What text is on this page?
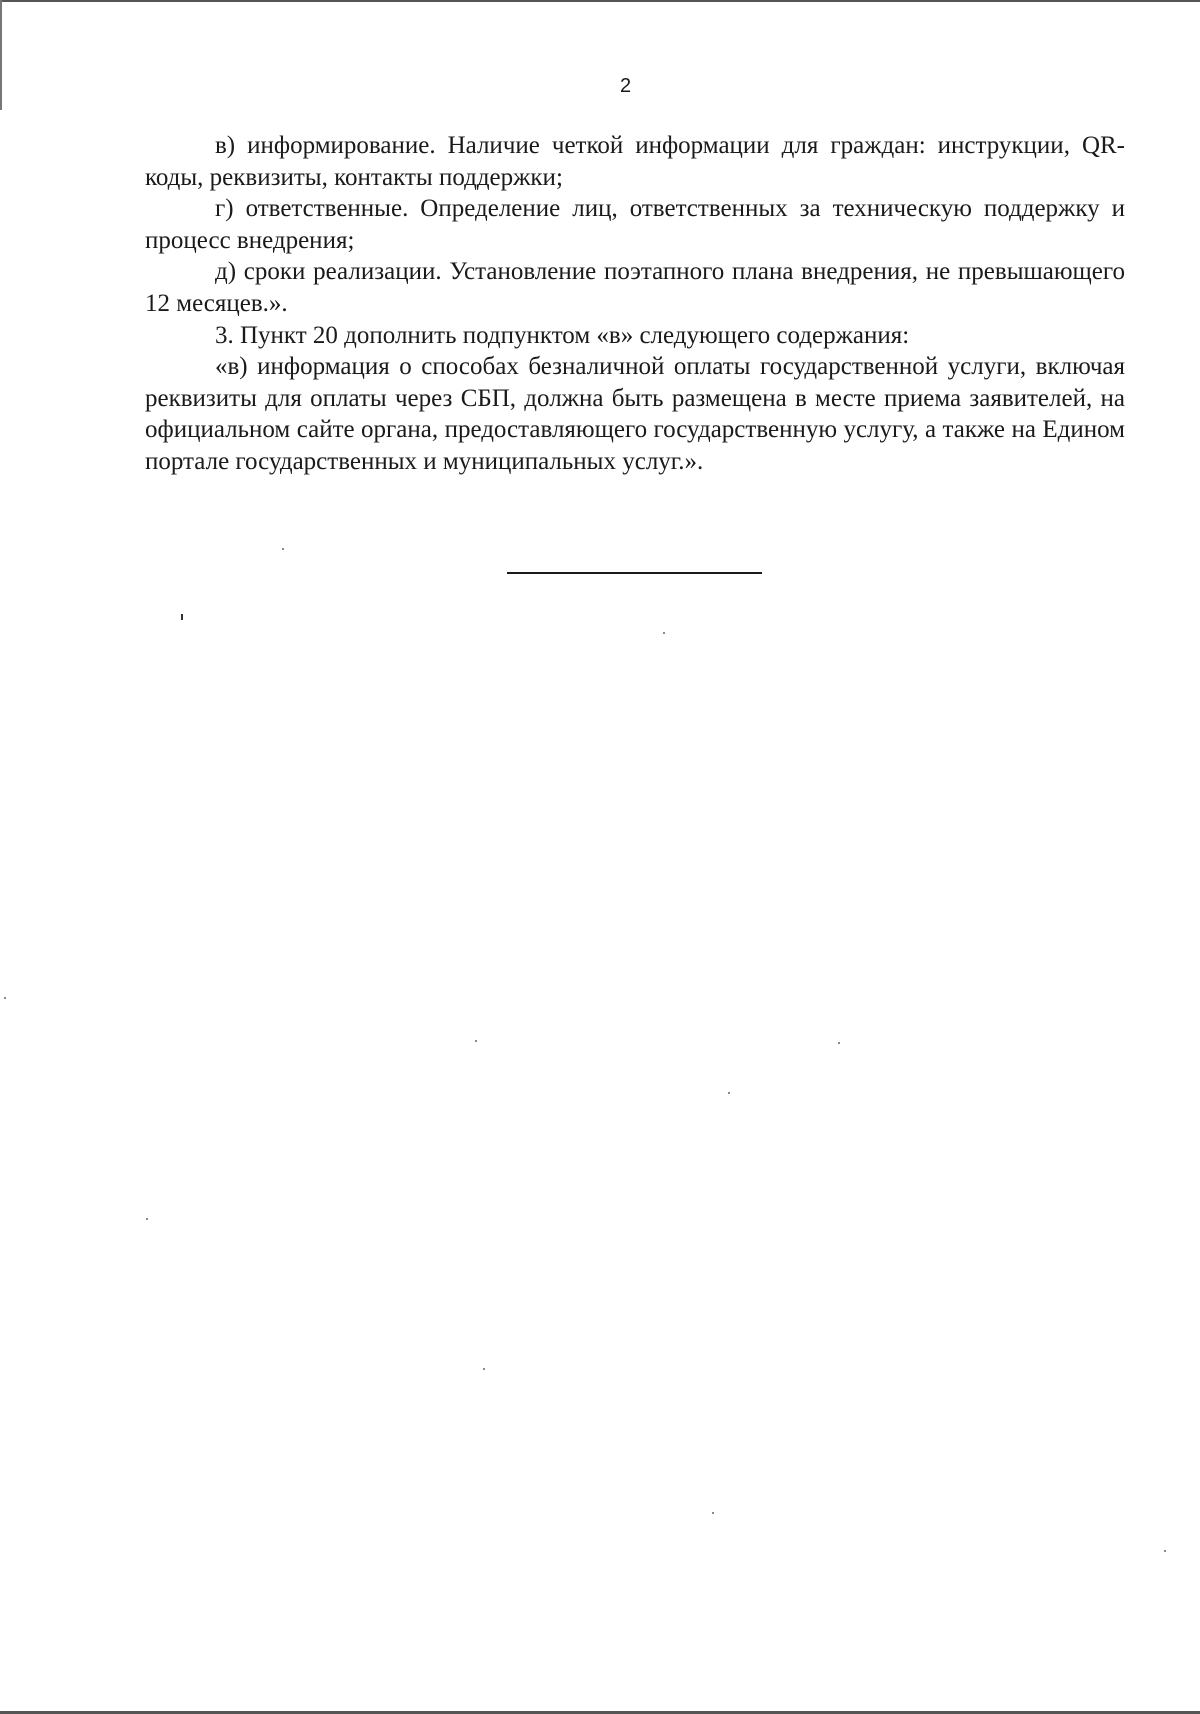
2

в) информирование. Наличие четкой информации для граждан: инструкции, QR-коды, реквизиты, контакты поддержки;

г) ответственные. Определение лиц, ответственных за техническую поддержку и процесс внедрения;

д) сроки реализации. Установление поэтапного плана внедрения, не превышающего 12 месяцев.».

3. Пункт 20 дополнить подпунктом «в» следующего содержания:

«в) информация о способах безналичной оплаты государственной услуги, включая реквизиты для оплаты через СБП, должна быть размещена в месте приема заявителей, на официальном сайте органа, предоставляющего государственную услугу, а также на Едином портале государственных и муниципальных услуг.».
